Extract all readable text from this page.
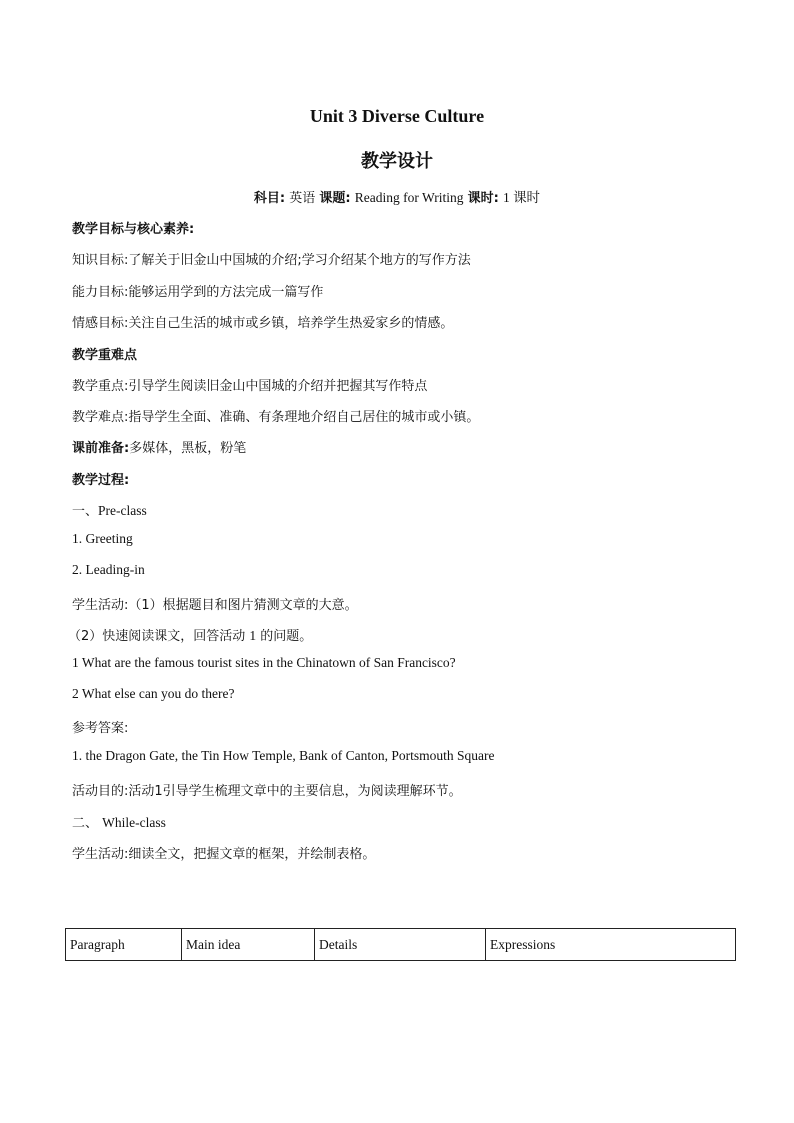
Unit 3 Diverse Culture
教学设计
科目: 英语 课题: Reading for Writing 课时: 1 课时
教学目标与核心素养:
知识目标:了解关于旧金山中国城的介绍;学习介绍某个地方的写作方法
能力目标:能够运用学到的方法完成一篇写作
情感目标:关注自己生活的城市或乡镇，培养学生热爱家乡的情感。
教学重难点
教学重点:引导学生阅读旧金山中国城的介绍并把握其写作特点
教学难点:指导学生全面、准确、有条理地介绍自己居住的城市或小镇。
课前准备:多媒体，黑板，粉笔
教学过程:
一、Pre-class
1. Greeting
2. Leading-in
学生活动:（1）根据题目和图片猜测文章的大意。
（2）快速阅读课文，回答活动 1 的问题。
1 What are the famous tourist sites in the Chinatown of San Francisco?
2 What else can you do there?
参考答案:
1. the Dragon Gate, the Tin How Temple, Bank of Canton, Portsmouth Square
活动目的:活动1引导学生梳理文章中的主要信息，为阅读理解环节。
二、 While-class
学生活动:细读全文，把握文章的框架，并绘制表格。
Paragraph	Main idea	Details	Expressions
